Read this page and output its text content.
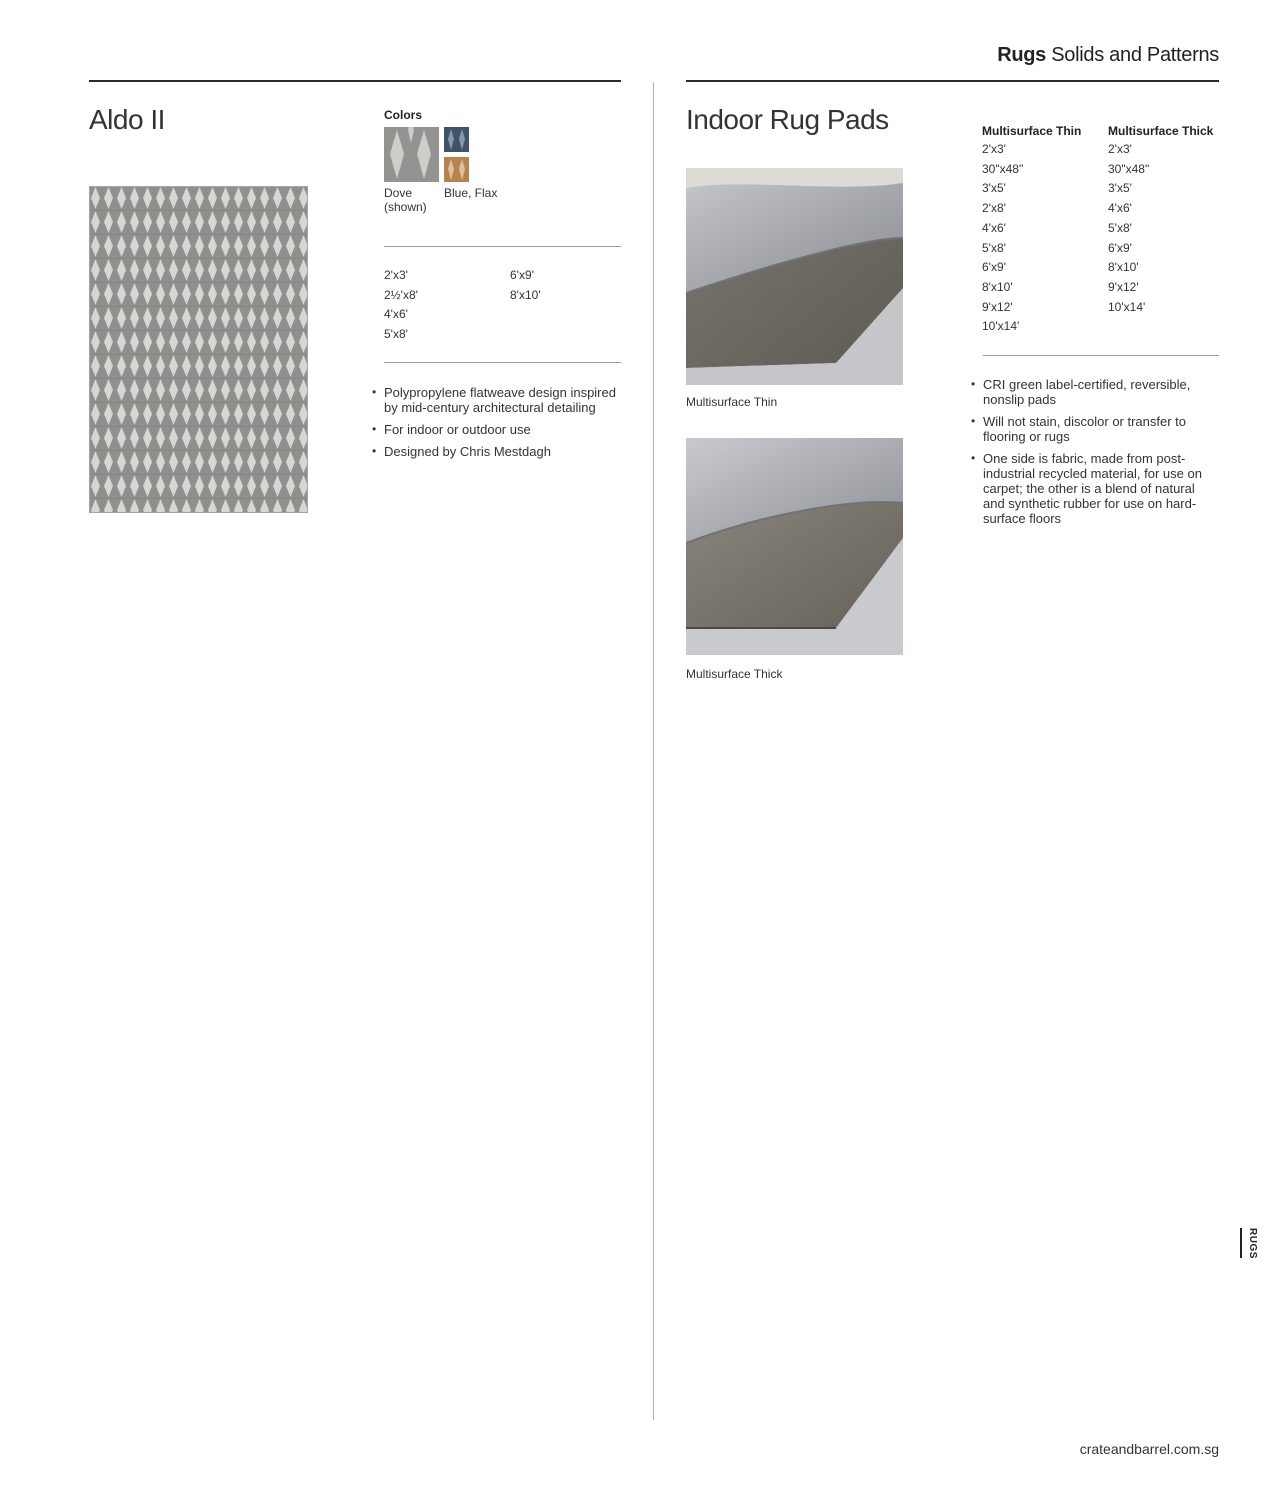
Rugs Solids and Patterns
Aldo II	Colors
Dove
(shown)
Blue, Flax
2'x3'
2½'x8'
4'x6'
5'x8'
6'x9'
8'x10'
• Polypropylene flatweave design inspired by mid-century architectural detailing
• For indoor or outdoor use
• Designed by Chris Mestdagh
Indoor Rug Pads
Multisurface Thin
Multisurface Thick
Multisurface Thin Multisurface Thick
2'x3'
30"x48"
3'x5'
2'x8'
4'x6'
5'x8'
6'x9'
8'x10'
9'x12'
10'x14'
2'x3'
30"x48"
3'x5'
4'x6'
5'x8'
6'x9'
8'x10'
9'x12'
10'x14'
• CRI green label-certified, reversible, nonslip pads
• Will not stain, discolor or transfer to flooring or rugs
• One side is fabric, made from post-industrial recycled material, for use on carpet; the other is a blend of natural and synthetic rubber for use on hard-surface floors
RUGS
crateandbarrel.com.sg
